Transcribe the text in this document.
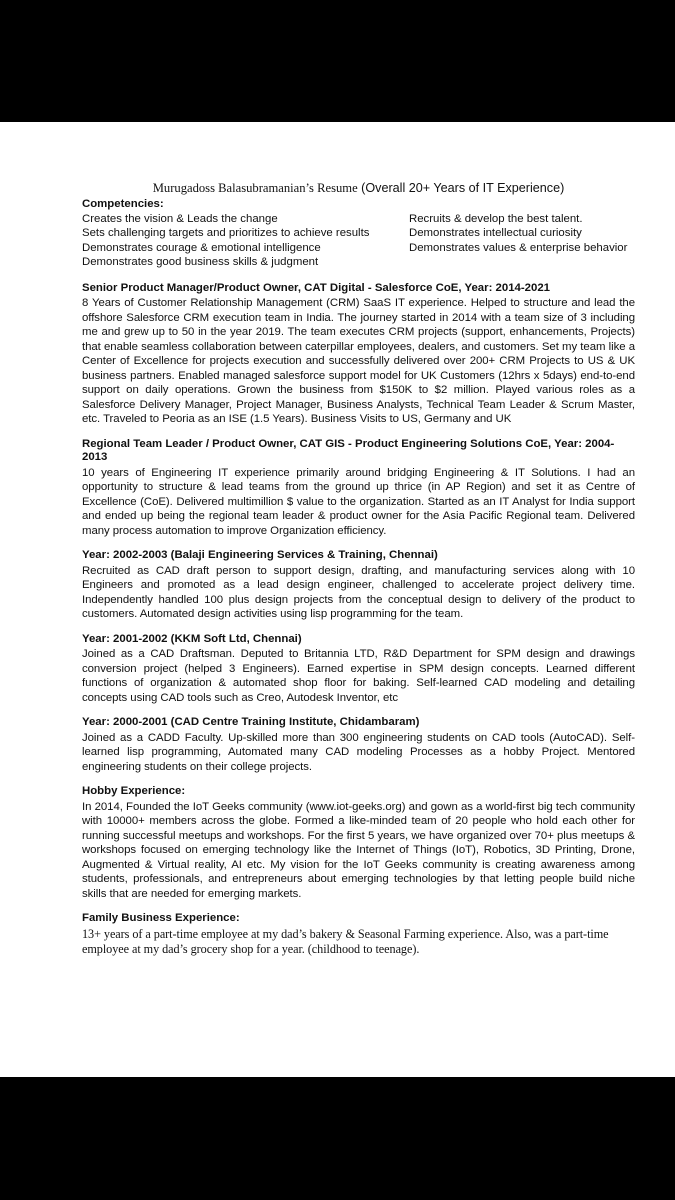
Murugadoss Balasubramanian’s Resume (Overall 20+ Years of IT Experience)
Competencies:
Creates the vision & Leads the change	Recruits & develop the best talent.
Sets challenging targets and prioritizes to achieve results	Demonstrates intellectual curiosity
Demonstrates courage & emotional intelligence	Demonstrates values & enterprise behavior
Demonstrates good business skills & judgment
Senior Product Manager/Product Owner, CAT Digital - Salesforce CoE, Year: 2014-2021
8 Years of Customer Relationship Management (CRM) SaaS IT experience. Helped to structure and lead the offshore Salesforce CRM execution team in India. The journey started in 2014 with a team size of 3 including me and grew up to 50 in the year 2019. The team executes CRM projects (support, enhancements, Projects) that enable seamless collaboration between caterpillar employees, dealers, and customers. Set my team like a Center of Excellence for projects execution and successfully delivered over 200+ CRM Projects to US & UK business partners. Enabled managed salesforce support model for UK Customers (12hrs x 5days) end-to-end support on daily operations. Grown the business from $150K to $2 million. Played various roles as a Salesforce Delivery Manager, Project Manager, Business Analysts, Technical Team Leader & Scrum Master, etc. Traveled to Peoria as an ISE (1.5 Years). Business Visits to US, Germany and UK
Regional Team Leader / Product Owner, CAT GIS - Product Engineering Solutions CoE, Year: 2004-2013
10 years of Engineering IT experience primarily around bridging Engineering & IT Solutions. I had an opportunity to structure & lead teams from the ground up thrice (in AP Region) and set it as Centre of Excellence (CoE). Delivered multimillion $ value to the organization. Started as an IT Analyst for India support and ended up being the regional team leader & product owner for the Asia Pacific Regional team. Delivered many process automation to improve Organization efficiency.
Year: 2002-2003 (Balaji Engineering Services & Training, Chennai)
Recruited as CAD draft person to support design, drafting, and manufacturing services along with 10 Engineers and promoted as a lead design engineer, challenged to accelerate project delivery time. Independently handled 100 plus design projects from the conceptual design to delivery of the product to customers. Automated design activities using lisp programming for the team.
Year: 2001-2002 (KKM Soft Ltd, Chennai)
Joined as a CAD Draftsman. Deputed to Britannia LTD, R&D Department for SPM design and drawings conversion project (helped 3 Engineers). Earned expertise in SPM design concepts. Learned different functions of organization & automated shop floor for baking. Self-learned CAD modeling and detailing concepts using CAD tools such as Creo, Autodesk Inventor, etc
Year: 2000-2001 (CAD Centre Training Institute, Chidambaram)
Joined as a CADD Faculty. Up-skilled more than 300 engineering students on CAD tools (AutoCAD). Self-learned lisp programming, Automated many CAD modeling Processes as a hobby Project. Mentored engineering students on their college projects.
Hobby Experience:
In 2014, Founded the IoT Geeks community (www.iot-geeks.org) and gown as a world-first big tech community with 10000+ members across the globe. Formed a like-minded team of 20 people who hold each other for running successful meetups and workshops. For the first 5 years, we have organized over 70+ plus meetups & workshops focused on emerging technology like the Internet of Things (IoT), Robotics, 3D Printing, Drone, Augmented & Virtual reality, AI etc. My vision for the IoT Geeks community is creating awareness among students, professionals, and entrepreneurs about emerging technologies by that letting people build niche skills that are needed for emerging markets.
Family Business Experience:
13+ years of a part-time employee at my dad’s bakery & Seasonal Farming experience. Also, was a part-time employee at my dad’s grocery shop for a year. (childhood to teenage).
